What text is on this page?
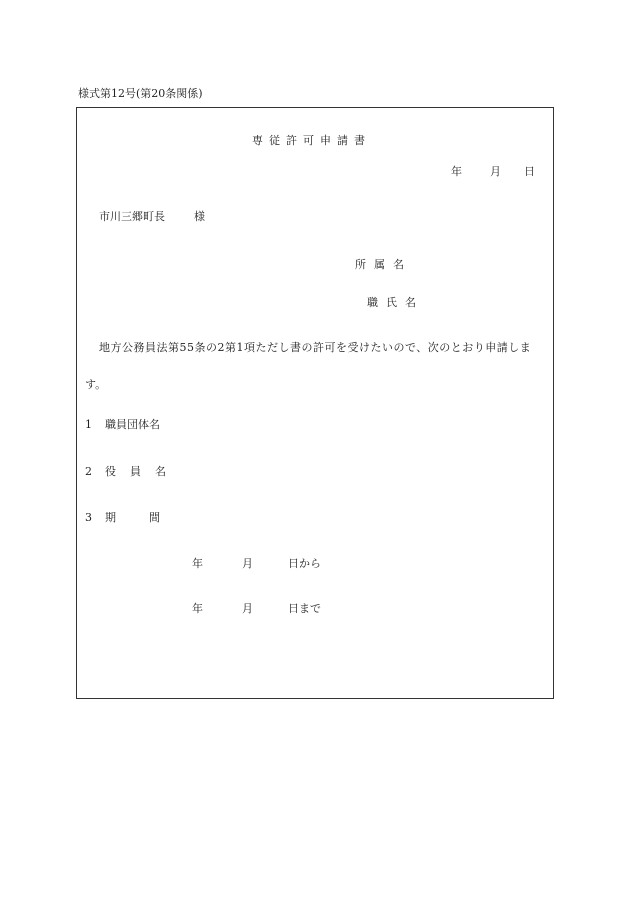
様式第12号(第20条関係)
専従許可申請書
年	月 日
市川三郷町長	様
所属名
職氏名
地方公務員法第55条の2第1項ただし書の許可を受けたいので、次のとおり申請しま
す。
1 職員団体名
2 役員名
3 期　　　間
年	月	日から
年	月	日まで
